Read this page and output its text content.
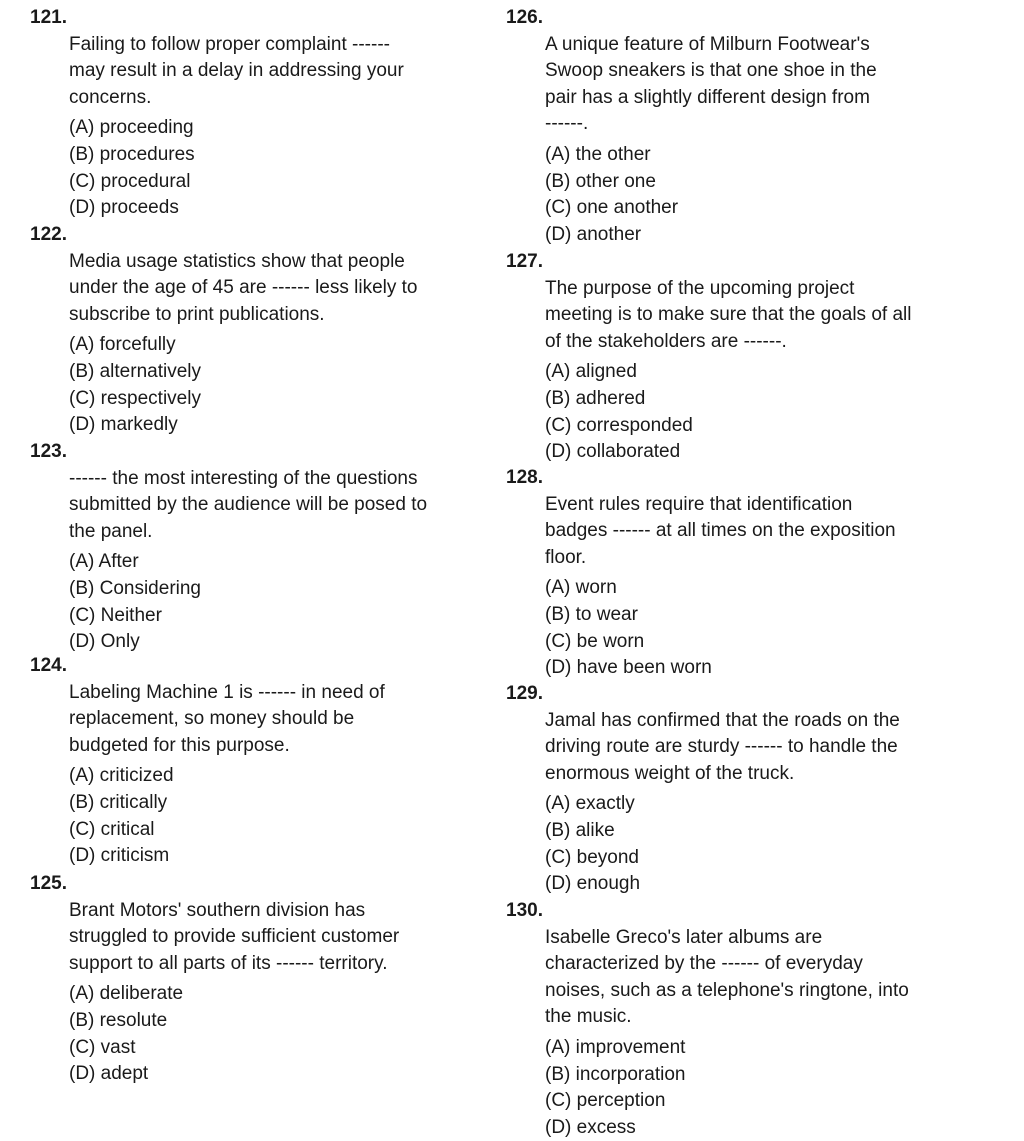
121.
Failing to follow proper complaint ------
may result in a delay in addressing your
concerns.

(A) proceeding
(B) procedures
(C) procedural
(D) proceeds

122.
Media usage statistics show that people
under the age of 45 are ------ less likely to
subscribe to print publications.

(A) forcefully
(B) alternatively
(C) respectively
(D) markedly

123.
------ the most interesting of the questions
submitted by the audience will be posed to
the panel.

(A) After
(B) Considering
(C) Neither
(D) Only

124.
Labeling Machine 1 is ------ in need of
replacement, so money should be
budgeted for this purpose.

(A) criticized
(B) critically
(C) critical
(D) criticism

125.
Brant Motors' southern division has
struggled to provide sufficient customer
support to all parts of its ------ territory.

(A) deliberate
(B) resolute
(C) vast
(D) adept

126.
A unique feature of Milburn Footwear's
Swoop sneakers is that one shoe in the
pair has a slightly different design from
------.

(A) the other
(B) other one
(C) one another
(D) another

127.
The purpose of the upcoming project
meeting is to make sure that the goals of all
of the stakeholders are ------.

(A) aligned
(B) adhered
(C) corresponded
(D) collaborated

128.
Event rules require that identification
badges ------ at all times on the exposition
floor.

(A) worn
(B) to wear
(C) be worn
(D) have been worn

129.
Jamal has confirmed that the roads on the
driving route are sturdy ------ to handle the
enormous weight of the truck.

(A) exactly
(B) alike
(C) beyond
(D) enough

130.
Isabelle Greco's later albums are
characterized by the ------ of everyday
noises, such as a telephone's ringtone, into
the music.

(A) improvement
(B) incorporation
(C) perception
(D) excess
